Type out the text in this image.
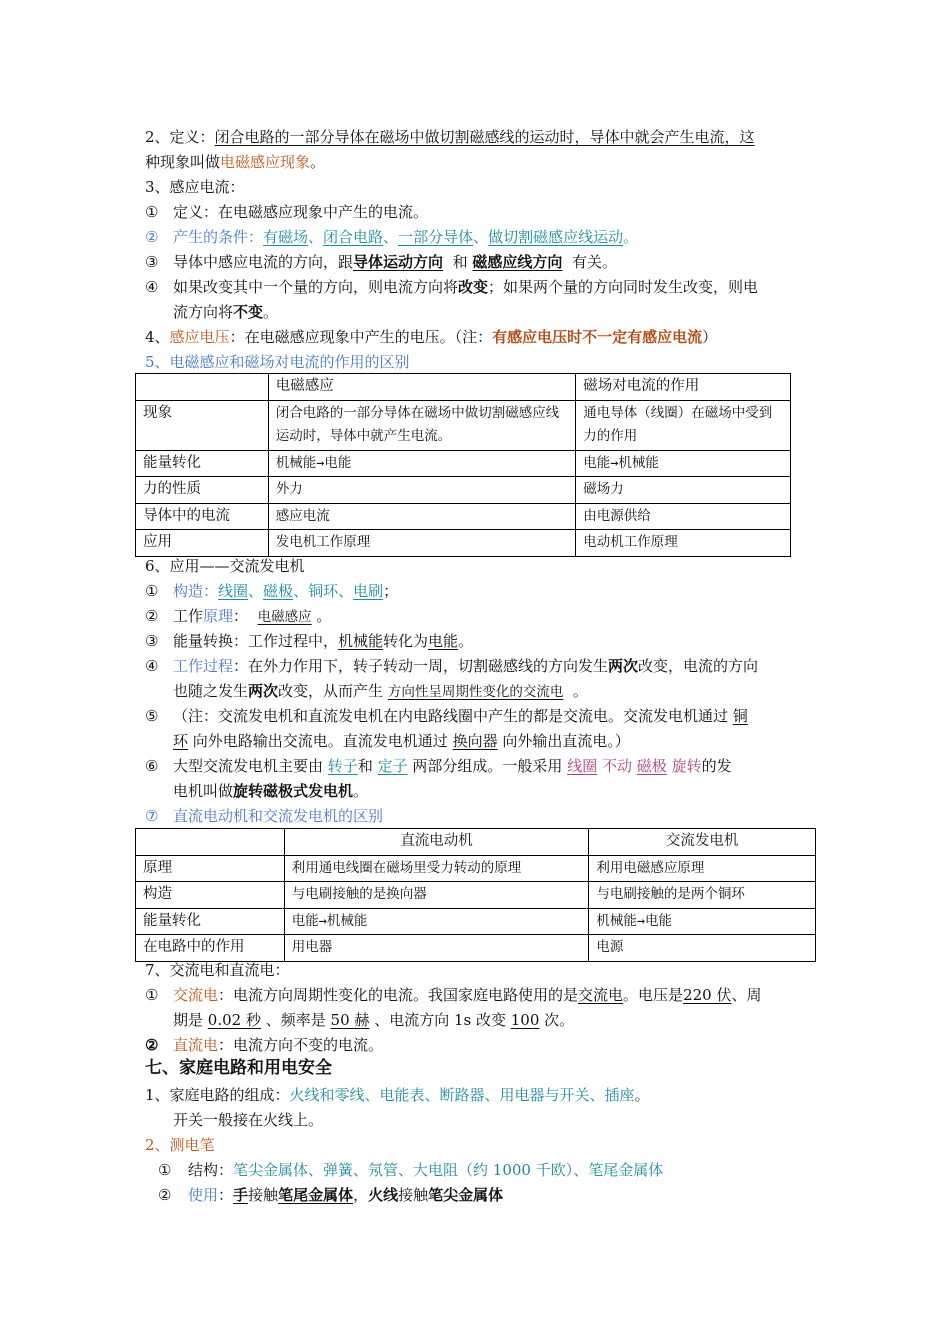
2、定义：闭合电路的一部分导体在磁场中做切割磁感线的运动时，导体中就会产生电流，这
种现象叫做电磁感应现象。
3、感应电流：
① 定义：在电磁感应现象中产生的电流。
② 产生的条件：有磁场、闭合电路、一部分导体、做切割磁感应线运动。
③ 导体中感应电流的方向，跟导体运动方向 和 磁感应线方向 有关。
④ 如果改变其中一个量的方向，则电流方向将改变；如果两个量的方向同时发生改变，则电
流方向将不变。
4、感应电压：在电磁感应现象中产生的电压。（注：有感应电压时不一定有感应电流）
5、电磁感应和磁场对电流的作用的区别
	电磁感应	磁场对电流的作用
现象	闭合电路的一部分导体在磁场中做切割磁感应线运动时，导体中就产生电流。	通电导体（线圈）在磁场中受到力的作用
能量转化	机械能→电能	电能→机械能
力的性质	外力	磁场力
导体中的电流	感应电流	由电源供给
应用	发电机工作原理	电动机工作原理
6、应用——交流发电机
① 构造：线圈、磁极、铜环、电刷；
② 工作原理： 电磁感应 。
③ 能量转换：工作过程中，机械能转化为电能。
④ 工作过程：在外力作用下，转子转动一周，切割磁感线的方向发生两次改变，电流的方向
也随之发生两次改变，从而产生 方向性呈周期性变化的交流电 。
⑤ （注：交流发电机和直流发电机在内电路线圈中产生的都是交流电。交流发电机通过 铜
环 向外电路输出交流电。直流发电机通过 换向器 向外输出直流电。）
⑥ 大型交流发电机主要由 转子和 定子 两部分组成。一般采用 线圈 不动 磁极 旋转的发
电机叫做旋转磁极式发电机。
⑦ 直流电动机和交流发电机的区别
	直流电动机	交流发电机
原理	利用通电线圈在磁场里受力转动的原理	利用电磁感应原理
构造	与电刷接触的是换向器	与电刷接触的是两个铜环
能量转化	电能→机械能	机械能→电能
在电路中的作用	用电器	电源
7、交流电和直流电：
① 交流电：电流方向周期性变化的电流。我国家庭电路使用的是交流电。电压是220 伏、周
期是 0.02 秒 、频率是 50 赫 、电流方向 1s 改变 100 次。
② 直流电：电流方向不变的电流。
七、家庭电路和用电安全
1、家庭电路的组成：火线和零线、电能表、断路器、用电器与开关、插座。
开关一般接在火线上。
2、测电笔
① 结构：笔尖金属体、弹簧、氖管、大电阻（约 1000 千欧）、笔尾金属体
② 使用：手接触笔尾金属体，火线接触笔尖金属体
